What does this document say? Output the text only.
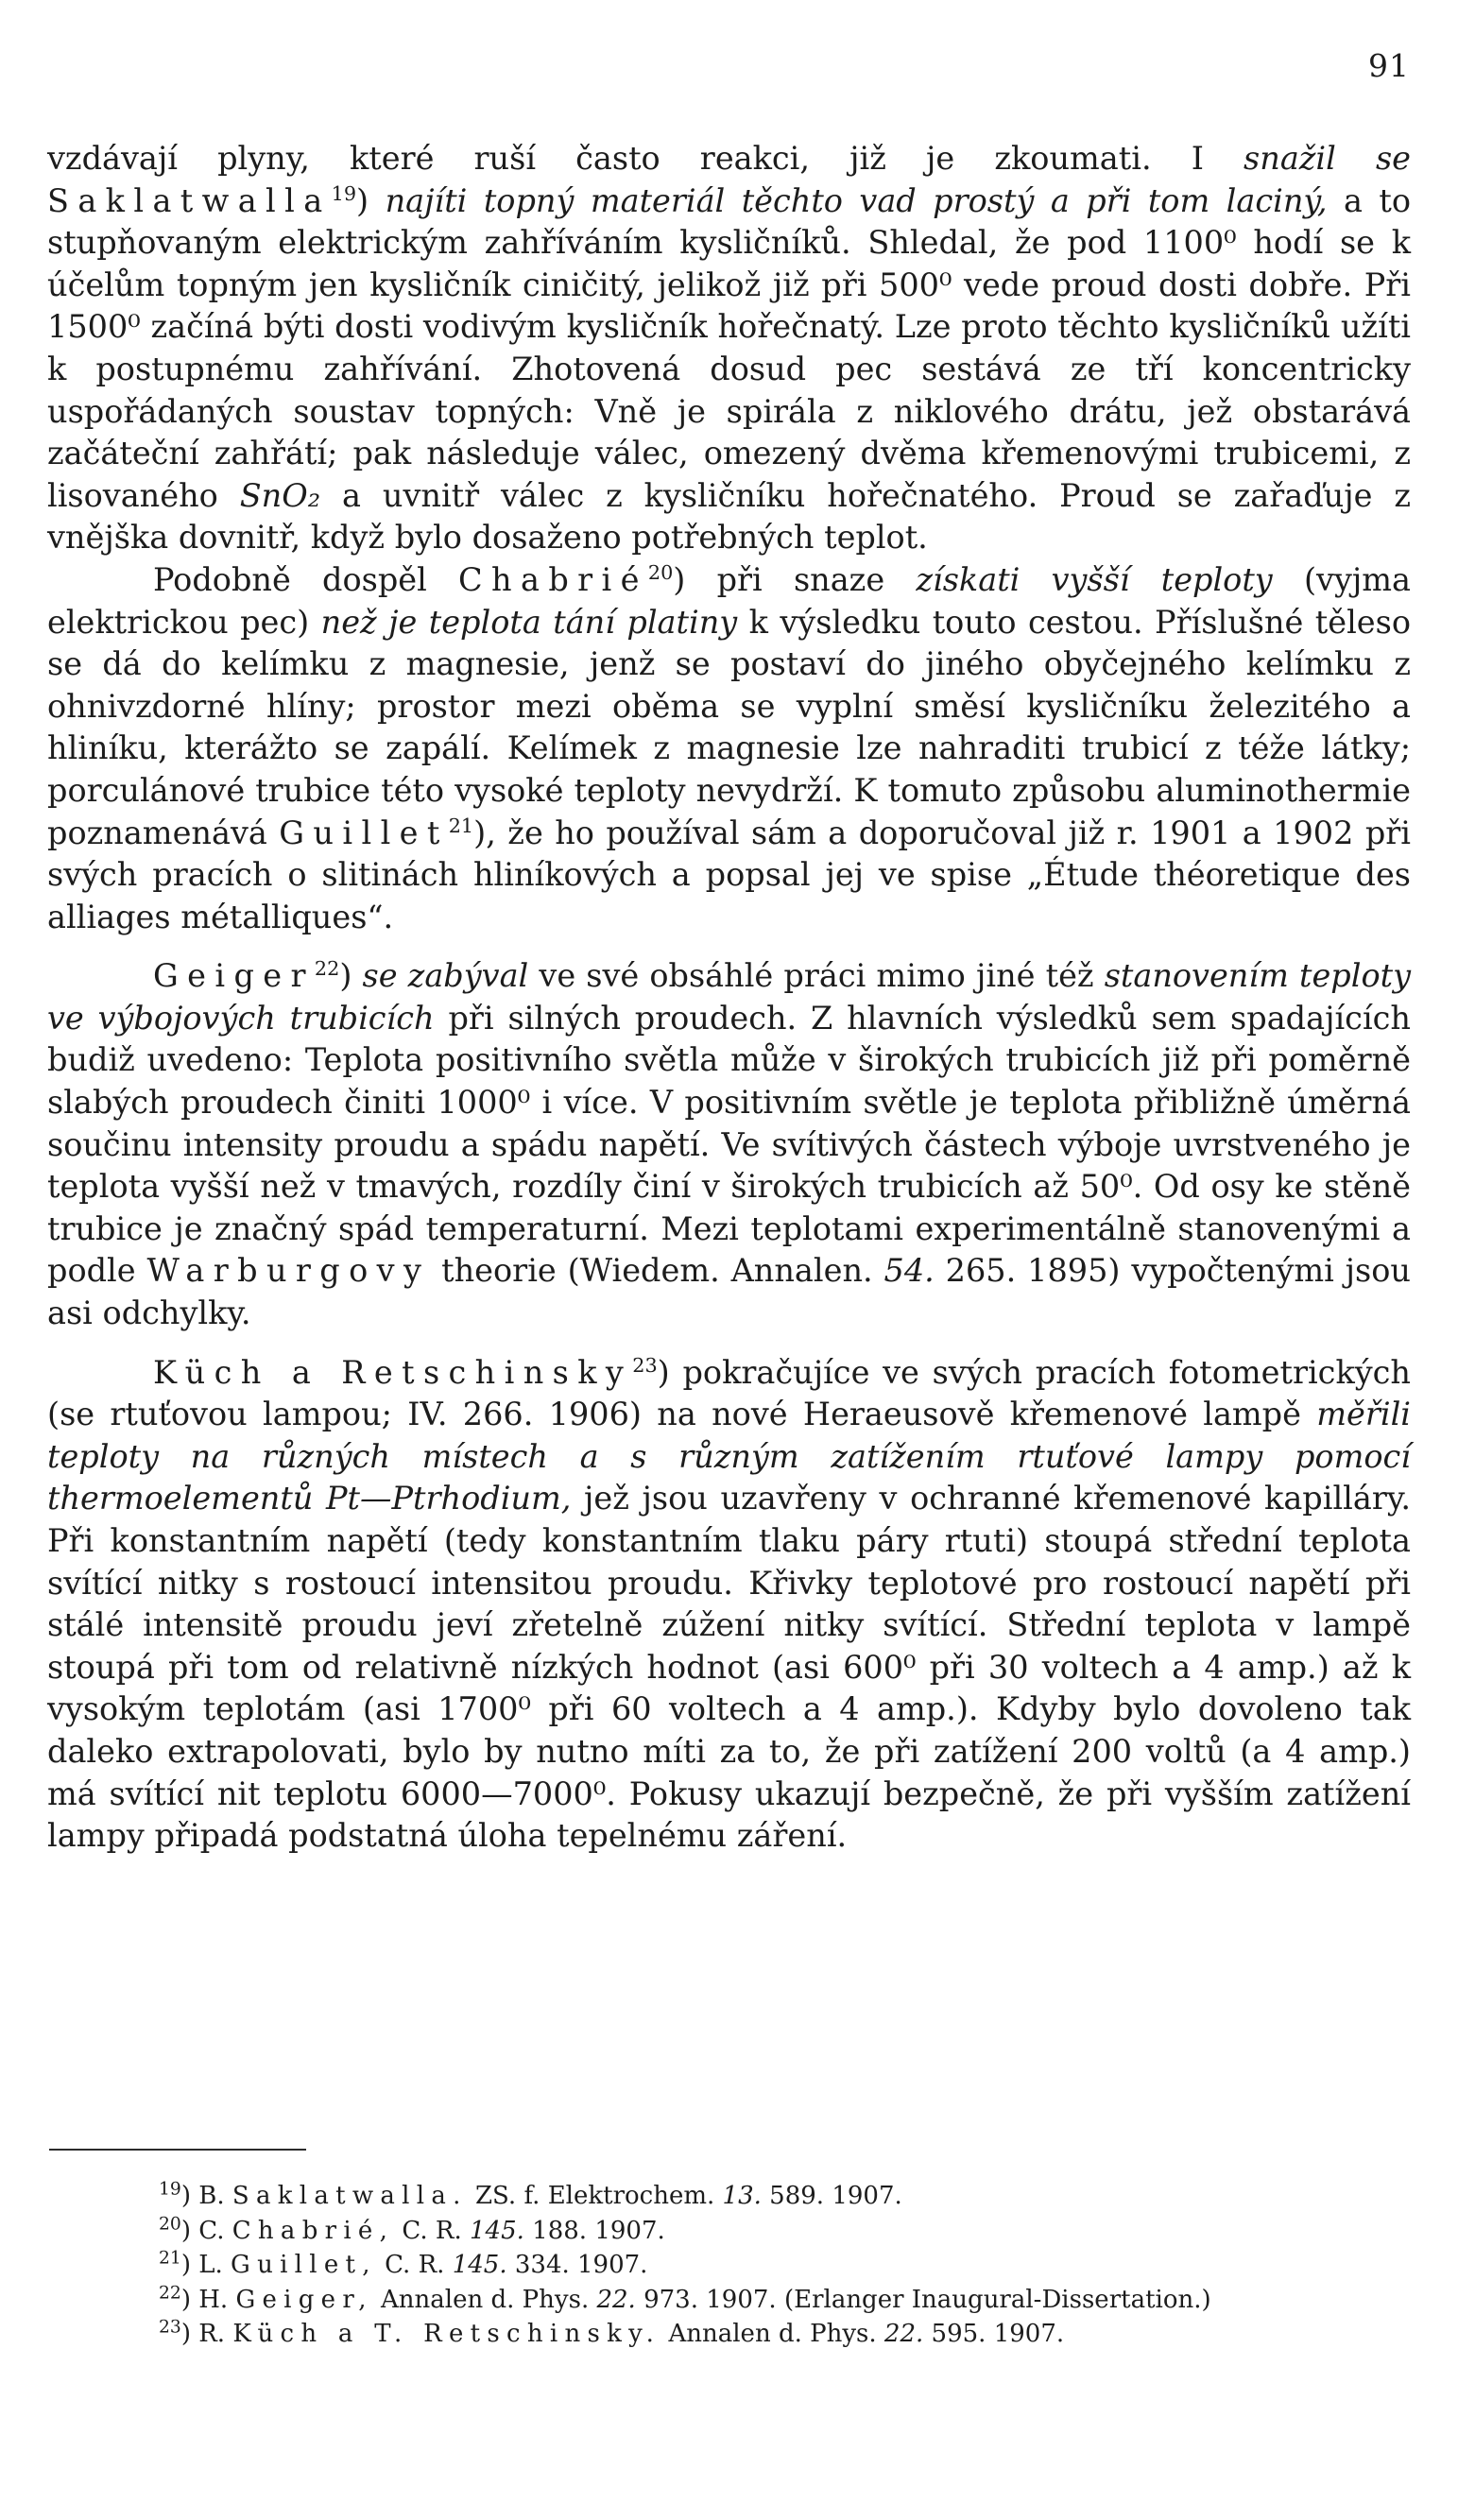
91

vzdávají plyny, které ruší často reakci, již je zkoumati. I snažil se Saklatwalla$^{19}$) najíti topný materiál těchto vad prostý a při tom laciný, a to stupňovaným elektrickým zahříváním kysličníků. Shledal, že pod 1100⁰ hodí se k účelům topným jen kysličník ciničitý, jelikož již při 500⁰ vede proud dosti dobře. Při 1500⁰ začíná býti dosti vodivým kysličník hořečnatý. Lze proto těchto kysličníků užíti k postupnému zahřívání. Zhotovená dosud pec sestává ze tří koncentricky uspořádaných soustav topných: Vně je spirála z niklového drátu, jež obstarává začáteční zahřátí; pak následuje válec, omezený dvěma křemenovými trubicemi, z lisovaného SnO₂ a uvnitř válec z kysličníku hořečnatého. Proud se zařaďuje z vnějška dovnitř, když bylo dosaženo potřebných teplot.

Podobně dospěl Chabrié$^{20}$) při snaze získati vyšší teploty (vyjma elektrickou pec) než je teplota tání platiny k výsledku touto cestou. Příslušné těleso se dá do kelímku z magnesie, jenž se postaví do jiného obyčejného kelímku z ohnivzdorné hlíny; prostor mezi oběma se vyplní směsí kysličníku železitého a hliníku, kterážto se zapálí. Kelímek z magnesie lze nahraditi trubicí z téže látky; porculánové trubice této vysoké teploty nevydrží. K tomuto způsobu aluminothermie poznamenává Guillet$^{21}$), že ho používal sám a doporučoval již r. 1901 a 1902 při svých pracích o slitinách hliníkových a popsal jej ve spise „Étude théoretique des alliages métalliques“.

Geiger$^{22}$) se zabýval ve své obsáhlé práci mimo jiné též stanovením teploty ve výbojových trubicích při silných proudech. Z hlavních výsledků sem spadajících budiž uvedeno: Teplota positivního světla může v širokých trubicích již při poměrně slabých proudech činiti 1000⁰ i více. V positivním světle je teplota přibližně úměrná součinu intensity proudu a spádu napětí. Ve svítivých částech výboje uvrstveného je teplota vyšší než v tmavých, rozdíly činí v širokých trubicích až 50⁰. Od osy ke stěně trubice je značný spád temperaturní. Mezi teplotami experimentálně stanovenými a podle Warburgovy theorie (Wiedem. Annalen. 54. 265. 1895) vypočtenými jsou asi odchylky.

Küch a Retschinsky$^{23}$) pokračujíce ve svých pracích fotometrických (se rtuťovou lampou; IV. 266. 1906) na nové Heraeusově křemenové lampě měřili teploty na různých místech a s různým zatížením rtuťové lampy pomocí thermoelementů Pt—Ptrhodium, jež jsou uzavřeny v ochranné křemenové kapilláry. Při konstantním napětí (tedy konstantním tlaku páry rtuti) stoupá střední teplota svítící nitky s rostoucí intensitou proudu. Křivky teplotové pro rostoucí napětí při stálé intensitě proudu jeví zřetelně zúžení nitky svítící. Střední teplota v lampě stoupá při tom od relativně nízkých hodnot (asi 600⁰ při 30 voltech a 4 amp.) až k vysokým teplotám (asi 1700⁰ při 60 voltech a 4 amp.). Kdyby bylo dovoleno tak daleko extrapolovati, bylo by nutno míti za to, že při zatížení 200 voltů (a 4 amp.) má svítící nit teplotu 6000—7000⁰. Pokusy ukazují bezpečně, že při vyšším zatížení lampy připadá podstatná úloha tepelnému záření.

$^{19}$) B. Saklatwalla. ZS. f. Elektrochem. 13. 589. 1907.

$^{20}$) C. Chabrié, C. R. 145. 188. 1907.

$^{21}$) L. Guillet, C. R. 145. 334. 1907.

$^{22}$) H. Geiger, Annalen d. Phys. 22. 973. 1907. (Erlanger Inaugural-Dissertation.)

$^{23}$) R. Küch a T. Retschinsky. Annalen d. Phys. 22. 595. 1907.
